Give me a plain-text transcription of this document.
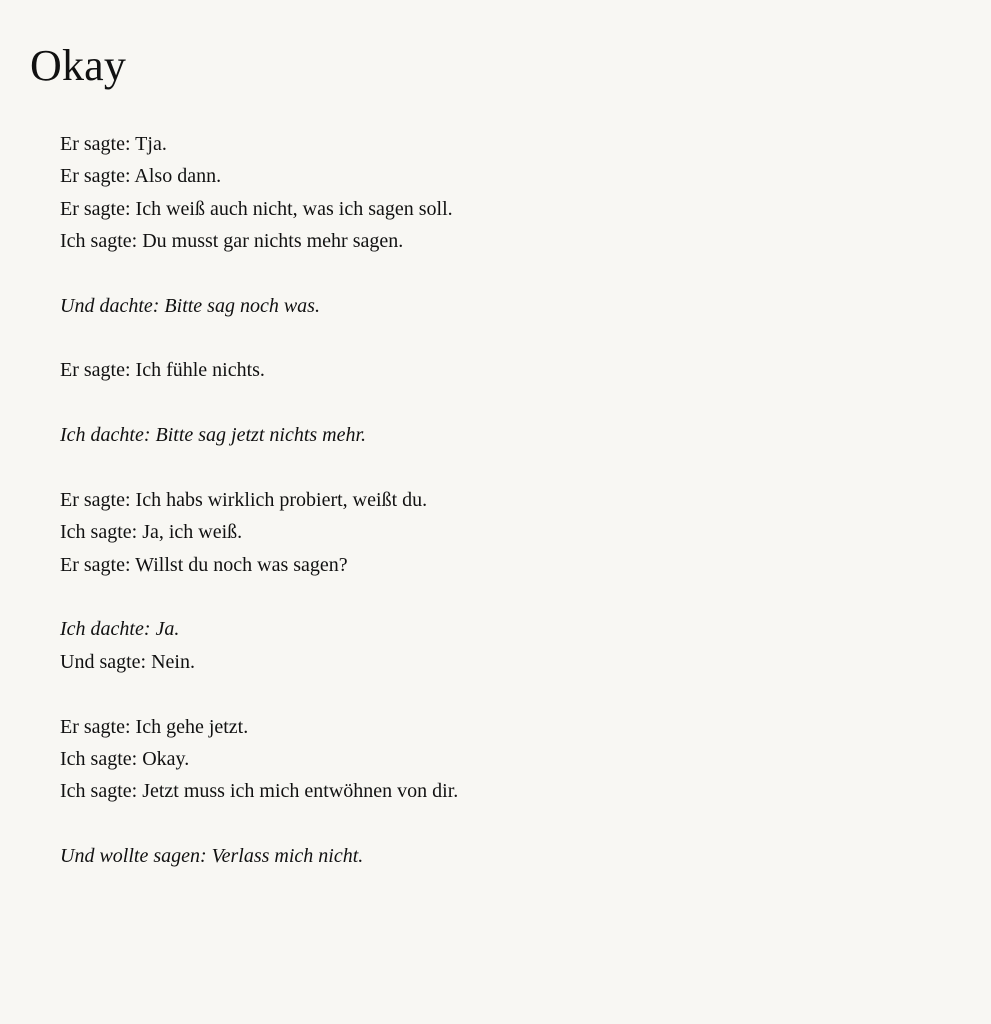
Okay
Er sagte: Tja.
Er sagte: Also dann.
Er sagte: Ich weiß auch nicht, was ich sagen soll.
Ich sagte: Du musst gar nichts mehr sagen.
Und dachte: Bitte sag noch was.
Er sagte: Ich fühle nichts.
Ich dachte: Bitte sag jetzt nichts mehr.
Er sagte: Ich habs wirklich probiert, weißt du.
Ich sagte: Ja, ich weiß.
Er sagte: Willst du noch was sagen?
Ich dachte: Ja.
Und sagte: Nein.
Er sagte: Ich gehe jetzt.
Ich sagte: Okay.
Ich sagte: Jetzt muss ich mich entwöhnen von dir.
Und wollte sagen: Verlass mich nicht.
